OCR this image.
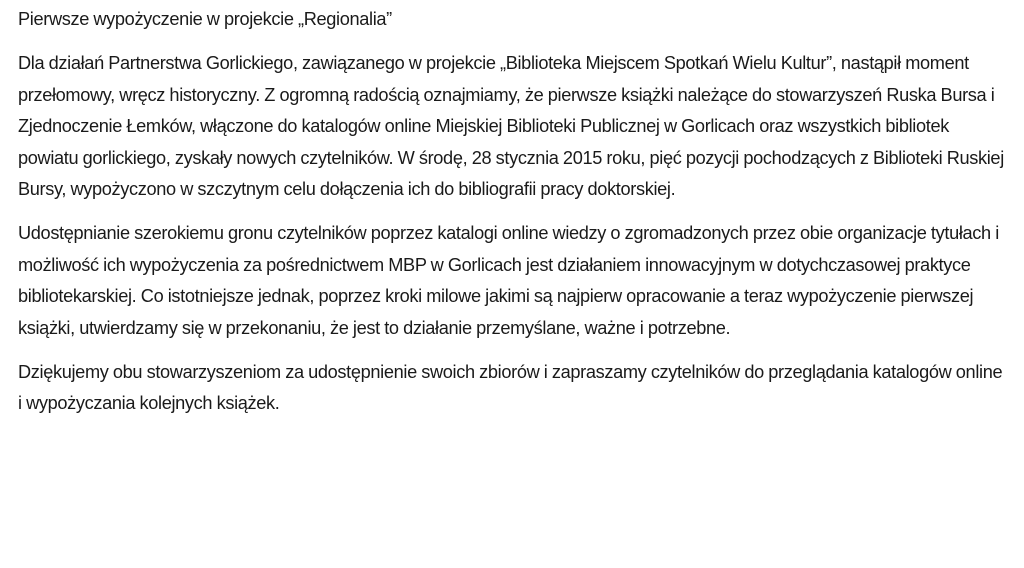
Pierwsze wypożyczenie w projekcie „Regionalia”

Dla działań Partnerstwa Gorlickiego, zawiązanego w projekcie „Biblioteka Miejscem Spotkań Wielu Kultur”, nastąpił moment przełomowy, wręcz historyczny. Z ogromną radością oznajmiamy, że pierwsze książki należące do stowarzyszeń Ruska Bursa i Zjednoczenie Łemków, włączone do katalogów online Miejskiej Biblioteki Publicznej w Gorlicach oraz wszystkich bibliotek powiatu gorlickiego, zyskały nowych czytelników. W środę, 28 stycznia 2015 roku, pięć pozycji pochodzących z Biblioteki Ruskiej Bursy, wypożyczono w szczytnym celu dołączenia ich do bibliografii pracy doktorskiej.

Udostępnianie szerokiemu gronu czytelników poprzez katalogi online wiedzy o zgromadzonych przez obie organizacje tytułach i możliwość ich wypożyczenia za pośrednictwem MBP w Gorlicach jest działaniem innowacyjnym w dotychczasowej praktyce bibliotekarskiej. Co istotniejsze jednak, poprzez kroki milowe jakimi są najpierw opracowanie a teraz wypożyczenie pierwszej książki, utwierdzamy się w przekonaniu, że jest to działanie przemyślane, ważne i potrzebne.

Dziękujemy obu stowarzyszeniom za udostępnienie swoich zbiorów i zapraszamy czytelników do przeglądania katalogów online i wypożyczania kolejnych książek.
